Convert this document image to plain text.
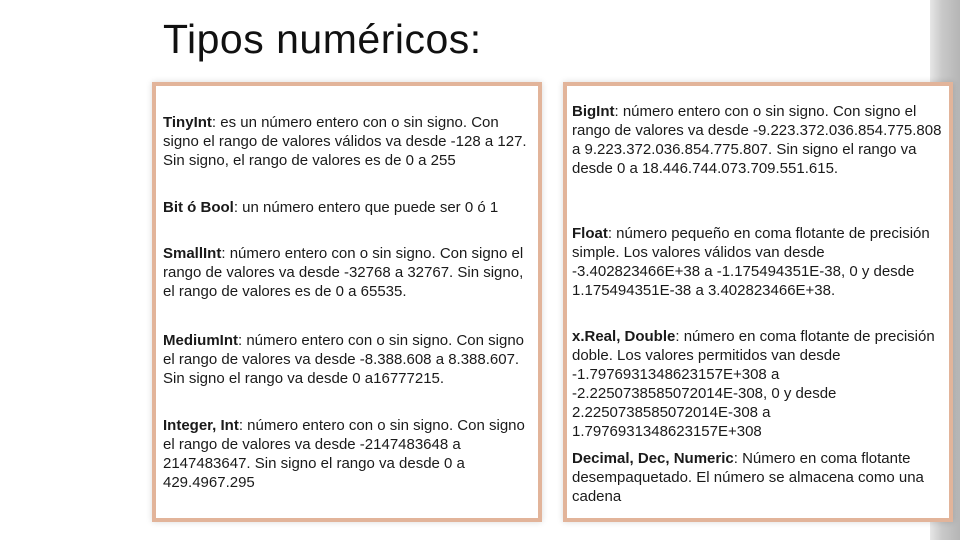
Tipos numéricos:
TinyInt: es un número entero con o sin signo. Con signo el rango de valores válidos va desde -128 a 127. Sin signo, el rango de valores es de 0 a 255
Bit ó Bool: un número entero que puede ser 0 ó 1
SmallInt: número entero con o sin signo. Con signo el rango de valores va desde -32768 a 32767. Sin signo, el rango de valores es de 0 a 65535.
MediumInt: número entero con o sin signo. Con signo el rango de valores va desde -8.388.608 a 8.388.607. Sin signo el rango va desde 0 a16777215.
Integer, Int: número entero con o sin signo. Con signo el rango de valores va desde -2147483648 a 2147483647. Sin signo el rango va desde 0 a 429.4967.295
BigInt: número entero con o sin signo. Con signo el rango de valores va desde -9.223.372.036.854.775.808 a 9.223.372.036.854.775.807. Sin signo el rango va desde 0 a 18.446.744.073.709.551.615.
Float: número pequeño en coma flotante de precisión simple. Los valores válidos van desde -3.402823466E+38 a -1.175494351E-38, 0 y desde 1.175494351E-38 a 3.402823466E+38.
x.Real, Double: número en coma flotante de precisión doble. Los valores permitidos van desde -1.7976931348623157E+308 a -2.2250738585072014E-308, 0 y desde 2.2250738585072014E-308 a 1.7976931348623157E+308
Decimal, Dec, Numeric: Número en coma flotante desempaquetado. El número se almacena como una cadena
